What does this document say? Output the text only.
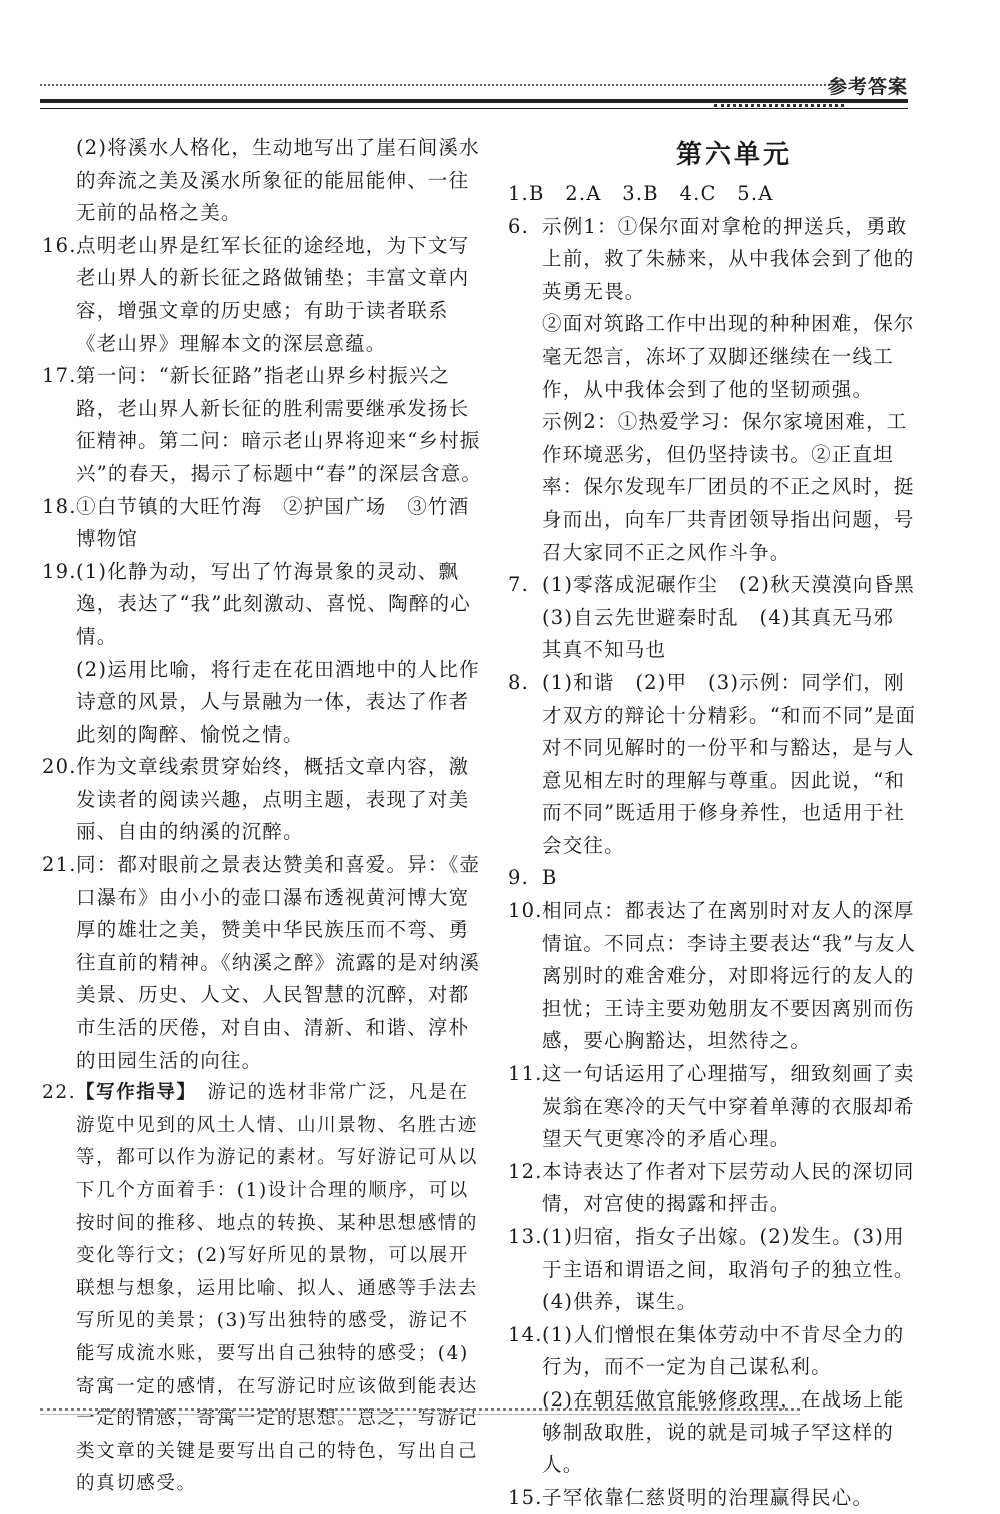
参考答案

(2)将溪水人格化，生动地写出了崖石间溪水的奔流之美及溪水所象征的能屈能伸、一往无前的品格之美。

16.点明老山界是红军长征的途经地，为下文写老山界人的新长征之路做铺垫；丰富文章内容，增强文章的历史感；有助于读者联系《老山界》理解本文的深层意蕴。

17.第一问：“新长征路”指老山界乡村振兴之路，老山界人新长征的胜利需要继承发扬长征精神。第二问：暗示老山界将迎来“乡村振兴”的春天，揭示了标题中“春”的深层含意。

18.①白节镇的大旺竹海　②护国广场　③竹酒博物馆

19.(1)化静为动，写出了竹海景象的灵动、飘逸，表达了“我”此刻激动、喜悦、陶醉的心情。

(2)运用比喻，将行走在花田酒地中的人比作诗意的风景，人与景融为一体，表达了作者此刻的陶醉、愉悦之情。

20.作为文章线索贯穿始终，概括文章内容，激发读者的阅读兴趣，点明主题，表现了对美丽、自由的纳溪的沉醉。

21.同：都对眼前之景表达赞美和喜爱。异：《壶口瀑布》由小小的壶口瀑布透视黄河博大宽厚的雄壮之美，赞美中华民族压而不弯、勇往直前的精神。《纳溪之醉》流露的是对纳溪美景、历史、人文、人民智慧的沉醉，对都市生活的厌倦，对自由、清新、和谐、淳朴的田园生活的向往。

22.【写作指导】　游记的选材非常广泛，凡是在游览中见到的风土人情、山川景物、名胜古迹等，都可以作为游记的素材。写好游记可从以下几个方面着手：(1)设计合理的顺序，可以按时间的推移、地点的转换、某种思想感情的变化等行文；(2)写好所见的景物，可以展开联想与想象，运用比喻、拟人、通感等手法去写所见的美景；(3)写出独特的感受，游记不能写成流水账，要写出自己独特的感受；(4)寄寓一定的感情，在写游记时应该做到能表达一定的情感，寄寓一定的思想。总之，写游记类文章的关键是要写出自己的特色，写出自己的真切感受。

第六单元

1.B　2.A　3.B　4.C　5.A

6. 示例1：①保尔面对拿枪的押送兵，勇敢上前，救了朱赫来，从中我体会到了他的英勇无畏。

②面对筑路工作中出现的种种困难，保尔毫无怨言，冻坏了双脚还继续在一线工作，从中我体会到了他的坚韧顽强。

示例2：①热爱学习：保尔家境困难，工作环境恶劣，但仍坚持读书。②正直坦率：保尔发现车厂团员的不正之风时，挺身而出，向车厂共青团领导指出问题，号召大家同不正之风作斗争。

7. (1)零落成泥碾作尘　(2)秋天漠漠向昏黑

(3)自云先世避秦时乱　(4)其真无马邪　其真不知马也

8. (1)和谐　(2)甲　(3)示例：同学们，刚才双方的辩论十分精彩。“和而不同”是面对不同见解时的一份平和与豁达，是与人意见相左时的理解与尊重。因此说，“和而不同”既适用于修身养性，也适用于社会交往。

9. B

10.相同点：都表达了在离别时对友人的深厚情谊。不同点：李诗主要表达“我”与友人离别时的难舍难分，对即将远行的友人的担忧；王诗主要劝勉朋友不要因离别而伤感，要心胸豁达，坦然待之。

11.这一句话运用了心理描写，细致刻画了卖炭翁在寒冷的天气中穿着单薄的衣服却希望天气更寒冷的矛盾心理。

12.本诗表达了作者对下层劳动人民的深切同情，对宫使的揭露和抨击。

13.(1)归宿，指女子出嫁。(2)发生。(3)用于主语和谓语之间，取消句子的独立性。(4)供养，谋生。

14.(1)人们憎恨在集体劳动中不肯尽全力的行为，而不一定为自己谋私利。

(2)在朝廷做官能够修政理，在战场上能够制敌取胜，说的就是司城子罕这样的人。

15.子罕依靠仁慈贤明的治理赢得民心。
